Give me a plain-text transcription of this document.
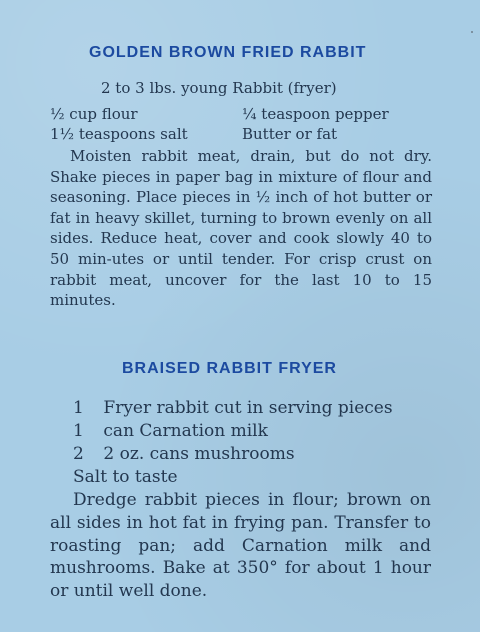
GOLDEN BROWN FRIED RABBIT
2 to 3 lbs. young Rabbit (fryer)
½ cup flour	¼ teaspoon pepper
1½ teaspoons salt	Butter or fat
Moisten rabbit meat, drain, but do not dry. Shake pieces in paper bag in mixture of flour and seasoning. Place pieces in ½ inch of hot butter or fat in heavy skillet, turning to brown evenly on all sides. Reduce heat, cover and cook slowly 40 to 50 min-utes or until tender. For crisp crust on rabbit meat, uncover for the last 10 to 15 minutes.
BRAISED RABBIT FRYER
1 Fryer rabbit cut in serving pieces
1 can Carnation milk
2 2 oz. cans mushrooms
Salt to taste
Dredge rabbit pieces in flour; brown on all sides in hot fat in frying pan. Transfer to roasting pan; add Carnation milk and mushrooms. Bake at 350° for about 1 hour or until well done.
